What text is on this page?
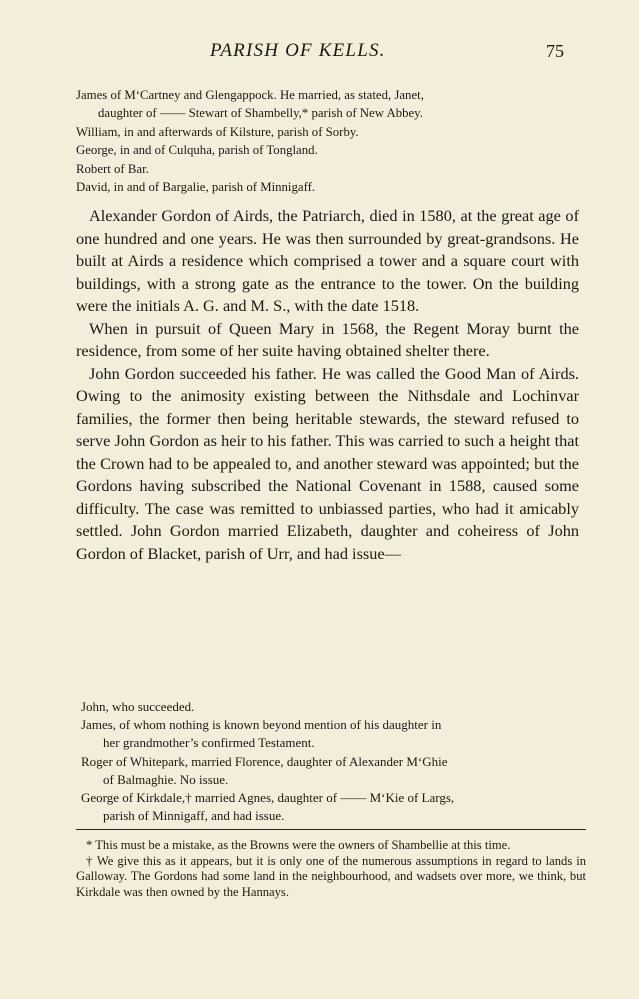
PARISH OF KELLS.	75
James of M‘Cartney and Glengappock. He married, as stated, Janet,
daughter of —— Stewart of Shambelly,* parish of New Abbey.
William, in and afterwards of Kilsture, parish of Sorby.
George, in and of Culquha, parish of Tongland.
Robert of Bar.
David, in and of Bargalie, parish of Minnigaff.

Alexander Gordon of Airds, the Patriarch, died in 1580, at the great age of one hundred and one years. He was then surrounded by great-grandsons. He built at Airds a residence which comprised a tower and a square court with buildings, with a strong gate as the entrance to the tower. On the building were the initials A. G. and M. S., with the date 1518.

When in pursuit of Queen Mary in 1568, the Regent Moray burnt the residence, from some of her suite having obtained shelter there.

John Gordon succeeded his father. He was called the Good Man of Airds. Owing to the animosity existing between the Nithsdale and Lochinvar families, the former then being heritable stewards, the steward refused to serve John Gordon as heir to his father. This was carried to such a height that the Crown had to be appealed to, and another steward was appointed; but the Gordons having subscribed the National Covenant in 1588, caused some difficulty. The case was remitted to unbiassed parties, who had it amicably settled. John Gordon married Elizabeth, daughter and coheiress of John Gordon of Blacket, parish of Urr, and had issue—

John, who succeeded.
James, of whom nothing is known beyond mention of his daughter in
her grandmother’s confirmed Testament.
Roger of Whitepark, married Florence, daughter of Alexander M‘Ghie
of Balmaghie. No issue.
George of Kirkdale,† married Agnes, daughter of —— M‘Kie of Largs,
parish of Minnigaff, and had issue.

* This must be a mistake, as the Browns were the owners of Shambellie at this time.

† We give this as it appears, but it is only one of the numerous assumptions in regard to lands in Galloway. The Gordons had some land in the neighbourhood, and wadsets over more, we think, but Kirkdale was then owned by the Hannays.
